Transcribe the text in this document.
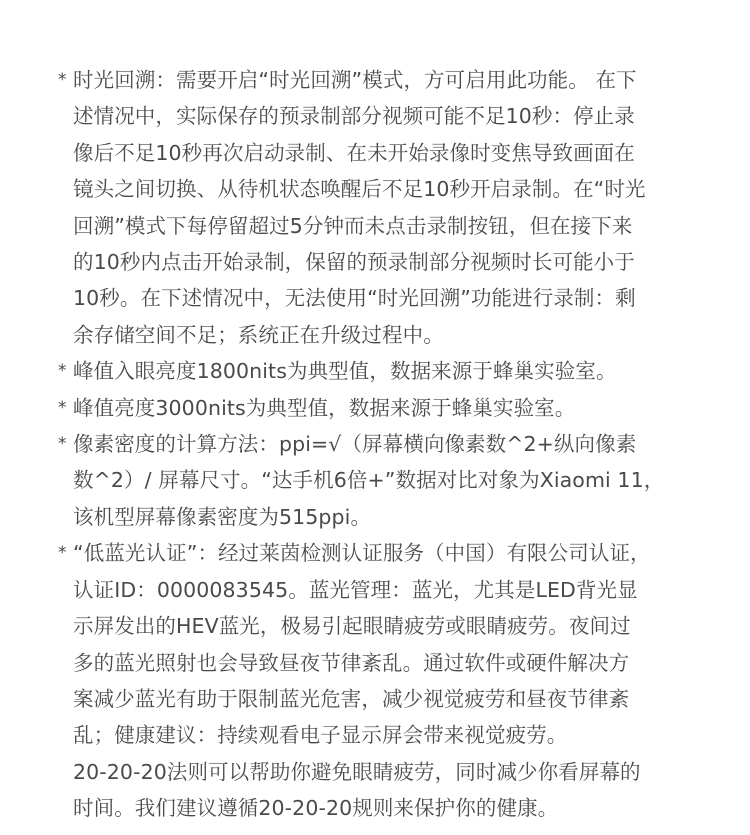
* 时光回溯：需要开启“时光回溯”模式，方可启用此功能。 在下
述情况中，实际保存的预录制部分视频可能不足10秒：停止录
像后不足10秒再次启动录制、在未开始录像时变焦导致画面在
镜头之间切换、从待机状态唤醒后不足10秒开启录制。在“时光
回溯”模式下每停留超过5分钟而未点击录制按钮，但在接下来
的10秒内点击开始录制，保留的预录制部分视频时长可能小于
10秒。在下述情况中，无法使用“时光回溯”功能进行录制：剩
余存储空间不足；系统正在升级过程中。

* 峰值入眼亮度1800nits为典型值，数据来源于蜂巢实验室。

* 峰值亮度3000nits为典型值，数据来源于蜂巢实验室。

* 像素密度的计算方法：ppi=√（屏幕横向像素数^2+纵向像素
数^2）/ 屏幕尺寸。“达手机6倍+”数据对比对象为Xiaomi 11，
该机型屏幕像素密度为515ppi。

* “低蓝光认证”：经过莱茵检测认证服务（中国）有限公司认证，
认证ID：0000083545。蓝光管理：蓝光，尤其是LED背光显
示屏发出的HEV蓝光，极易引起眼睛疲劳或眼睛疲劳。夜间过
多的蓝光照射也会导致昼夜节律紊乱。通过软件或硬件解决方
案减少蓝光有助于限制蓝光危害，减少视觉疲劳和昼夜节律紊
乱；健康建议：持续观看电子显示屏会带来视觉疲劳。
20-20-20法则可以帮助你避免眼睛疲劳，同时减少你看屏幕的
时间。我们建议遵循20-20-20规则来保护你的健康。
